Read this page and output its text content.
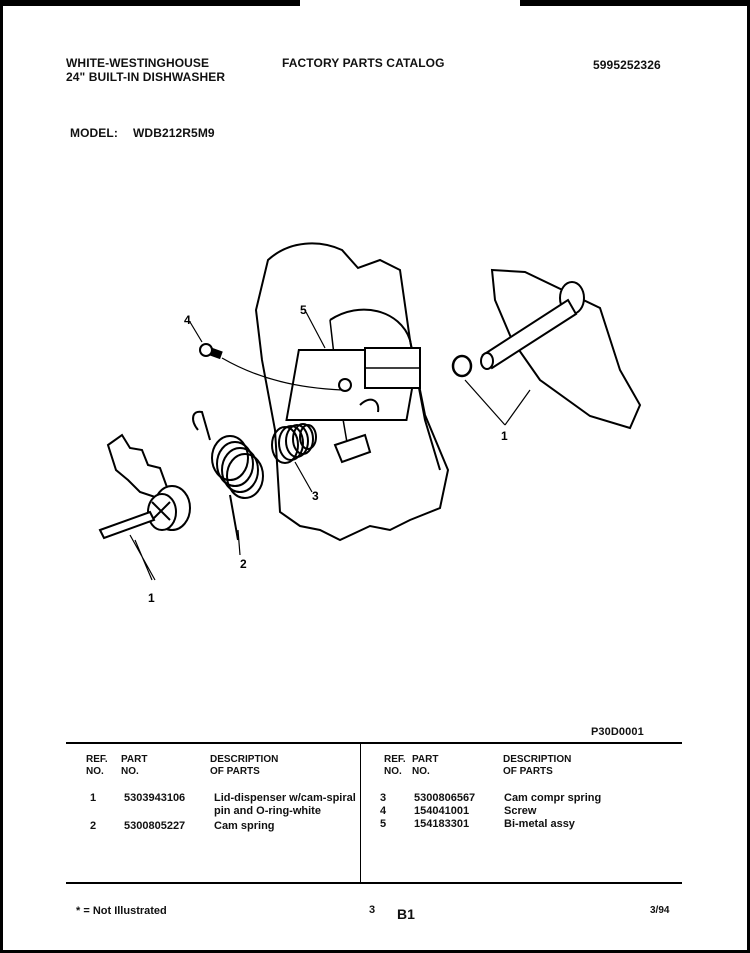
WHITE-WESTINGHOUSE
24" BUILT-IN DISHWASHER
FACTORY PARTS CATALOG	5995252326
MODEL: WDB212R5M9
5
4
1
3
2
1
P30D0001
REF.
NO.
PART
NO.
DESCRIPTION
OF PARTS
REF.
NO.
PART
NO.
DESCRIPTION
OF PARTS
1	5303943106	Lid-dispenser w/cam-spiral
pin and O-ring-white
2	5300805227	Cam spring
3	5300806567	Cam compr spring
4	154041001	Screw
5	154183301	Bi-metal assy
* = Not Illustrated	3 B1	3/94
